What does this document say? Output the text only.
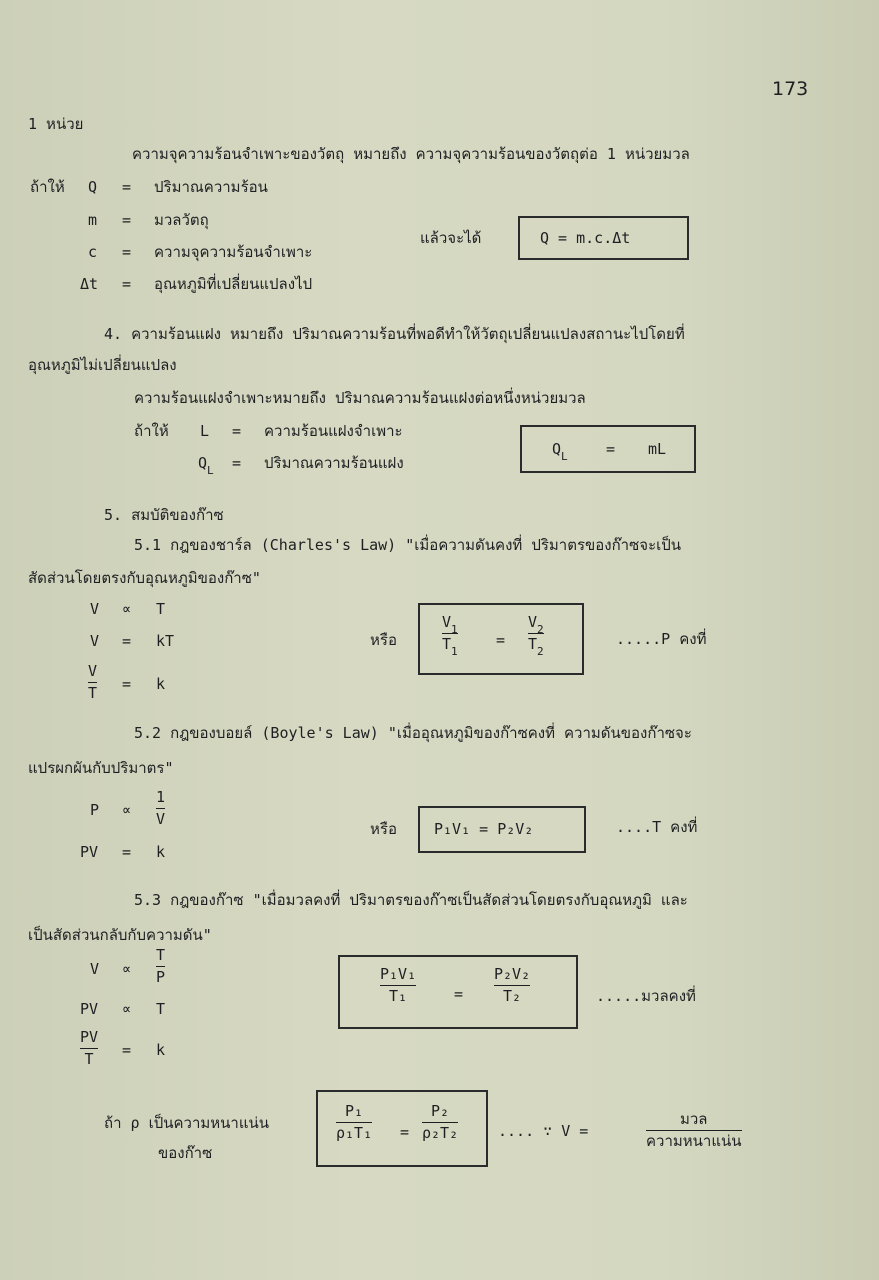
173
1 หน่วย
ความจุความร้อนจำเพาะของวัตถุ หมายถึง ความจุความร้อนของวัตถุต่อ 1 หน่วยมวล
ถ้าให้ Q = ปริมาณความร้อน
m = มวลวัตถุ
c = ความจุความร้อนจำเพาะ
Δt = อุณหภูมิที่เปลี่ยนแปลงไป
แล้วจะได้	Q = m.c.Δt
4. ความร้อนแฝง หมายถึง ปริมาณความร้อนที่พอดีทำให้วัตถุเปลี่ยนแปลงสถานะไปโดยที่
อุณหภูมิไม่เปลี่ยนแปลง
ความร้อนแฝงจำเพาะหมายถึง ปริมาณความร้อนแฝงต่อหนึ่งหน่วยมวล
ถ้าให้ L = ความร้อนแฝงจำเพาะ
$Q_L$ = ปริมาณความร้อนแฝง
$Q_L$	= mL
5. สมบัติของก๊าซ
5.1 กฎของชาร์ล (Charles's Law) "เมื่อความดันคงที่ ปริมาตรของก๊าซจะเป็น
สัดส่วนโดยตรงกับอุณหภูมิของก๊าซ"
V ∝ T
V = kT
V
T = k
หรือ
$V_1$
$T_1$
=
$V_2$
$T_2$
.....P คงที่
5.2 กฎของบอยล์ (Boyle's Law) "เมื่ออุณหภูมิของก๊าซคงที่ ความดันของก๊าซจะ
แปรผกผันกับปริมาตร"
P ∝
1
V
PV = k
หรือ P₁V₁ = P₂V₂	....T คงที่
5.3 กฎของก๊าซ "เมื่อมวลคงที่ ปริมาตรของก๊าซเป็นสัดส่วนโดยตรงกับอุณหภูมิ และ
เป็นสัดส่วนกลับกับความดัน"
V ∝
T
P
PV ∝ T
PV
T = k
P₁V₁
T₁	=
P₂V₂
T₂	.....มวลคงที่
ถ้า ρ เป็นความหนาแน่น
ของก๊าซ
P₁
ρ₁T₁ =
P₂
ρ₂T₂	.... ∵ V =
มวล
ความหนาแน่น
